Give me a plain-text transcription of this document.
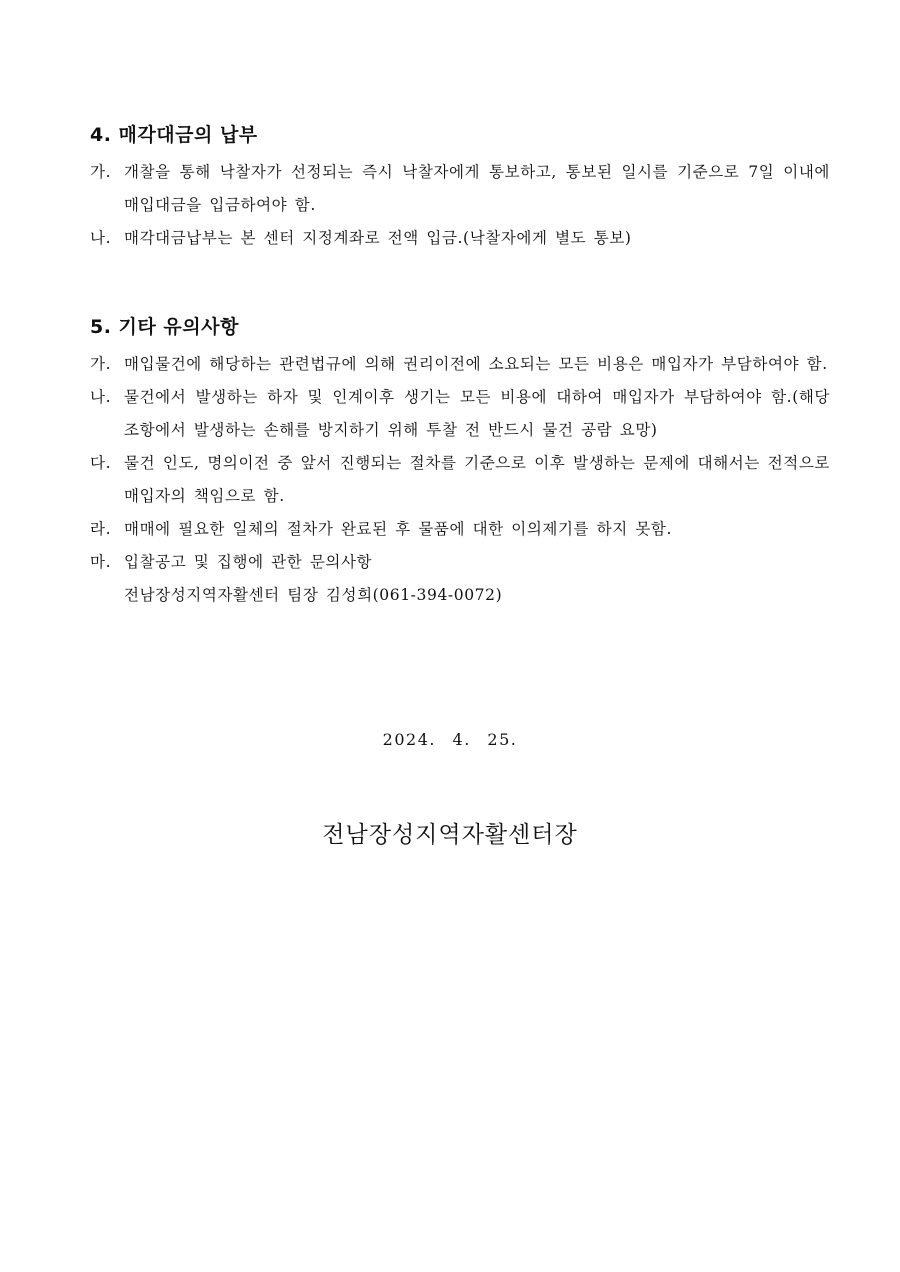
4. 매각대금의 납부
가. 개찰을 통해 낙찰자가 선정되는 즉시 낙찰자에게 통보하고, 통보된 일시를 기준으로 7일 이내에 매입대금을 입금하여야 함.
나. 매각대금납부는 본 센터 지정계좌로 전액 입금.(낙찰자에게 별도 통보)
5. 기타 유의사항
가. 매입물건에 해당하는 관련법규에 의해 권리이전에 소요되는 모든 비용은 매입자가 부담하여야 함.
나. 물건에서 발생하는 하자 및 인계이후 생기는 모든 비용에 대하여 매입자가 부담하여야 함.(해당 조항에서 발생하는 손해를 방지하기 위해 투찰 전 반드시 물건 공람 요망)
다. 물건 인도, 명의이전 중 앞서 진행되는 절차를 기준으로 이후 발생하는 문제에 대해서는 전적으로 매입자의 책임으로 함.
라. 매매에 필요한 일체의 절차가 완료된 후 물품에 대한 이의제기를 하지 못함.
마. 입찰공고 및 집행에 관한 문의사항
전남장성지역자활센터 팀장 김성희(061-394-0072)
2024. 4. 25.
전남장성지역자활센터장
